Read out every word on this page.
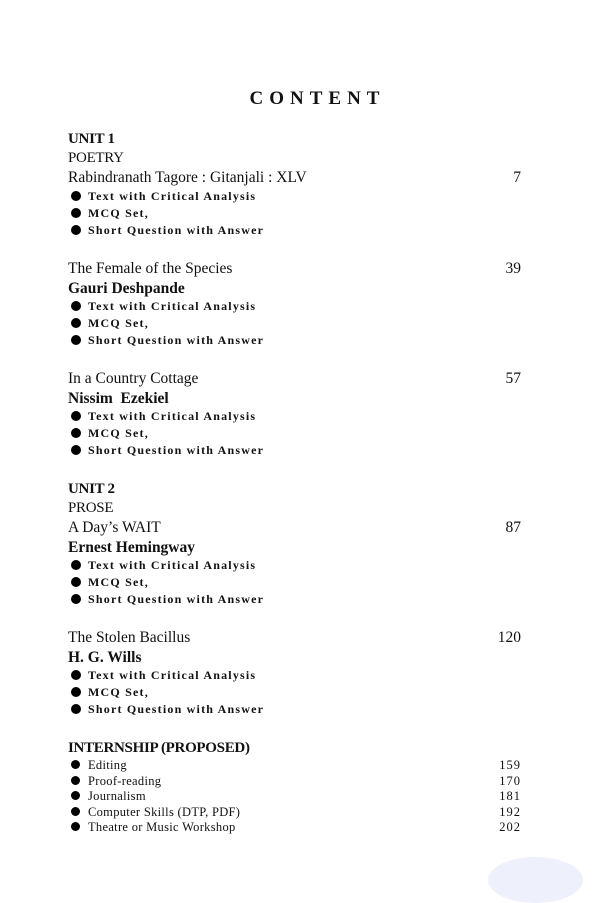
CONTENT
UNIT 1
POETRY
Rabindranath Tagore : Gitanjali : XLV	7
Text with Critical Analysis
MCQ Set,
Short Question with Answer
The Female of the Species	39
Gauri Deshpande
Text with Critical Analysis
MCQ Set,
Short Question with Answer
In a Country Cottage	57
Nissim  Ezekiel
Text with Critical Analysis
MCQ Set,
Short Question with Answer
UNIT 2
PROSE
A Day’s WAIT	87
Ernest Hemingway
Text with Critical Analysis
MCQ Set,
Short Question with Answer
The Stolen Bacillus	120
H. G. Wills
Text with Critical Analysis
MCQ Set,
Short Question with Answer
INTERNSHIP (PROPOSED)
Editing	159
Proof-reading	170
Journalism	181
Computer Skills (DTP, PDF)	192
Theatre or Music Workshop	202
